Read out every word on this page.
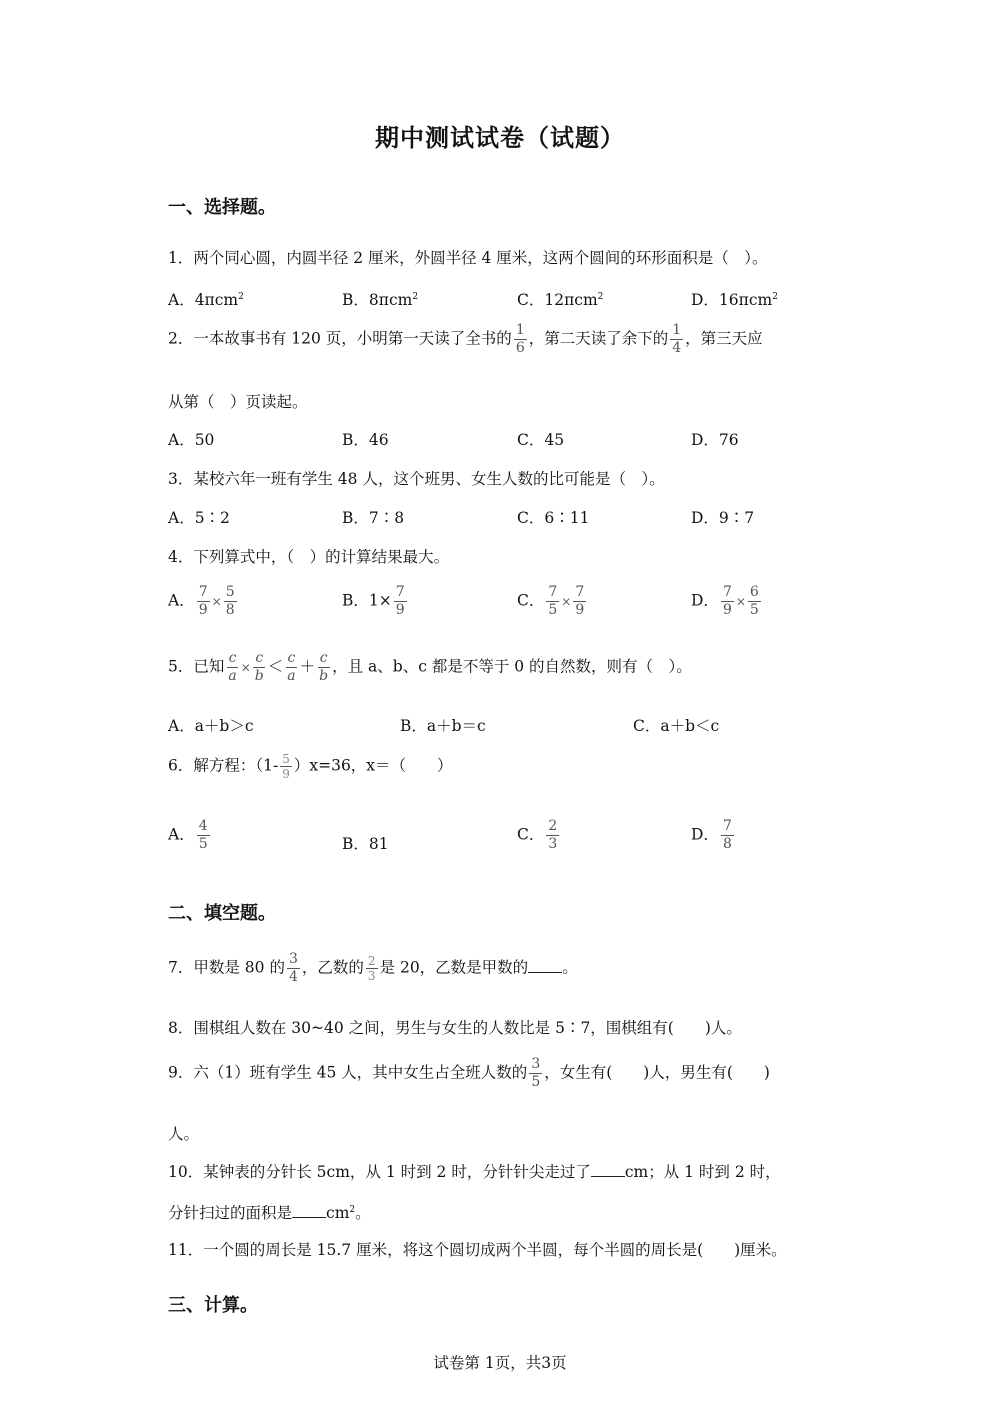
期中测试试卷（试题）
一、选择题。
1．两个同心圆，内圆半径 2 厘米，外圆半径 4 厘米，这两个圆间的环形面积是（　）。
A．4πcm$^2$	B．8πcm$^2$	C．12πcm$^2$	D．16πcm$^2$
2．一本故事书有 120 页，小明第一天读了全书的 $\frac{1}{6}$ ，第二天读了余下的 $\frac{1}{4}$ ，第三天应
从第（　）页读起。
A．50	B．46	C．45	D．76
3．某校六年一班有学生 48 人，这个班男、女生人数的比可能是（　）。
A．5∶2	B．7∶8	C．6∶11	D．9∶7
4．下列算式中，（　）的计算结果最大。
A． $\frac{7}{9} \times \frac{5}{8}$	B．$1\times \frac{7}{9}$	C． $\frac{7}{5} \times \frac{7}{9}$	D． $\frac{7}{9} \times \frac{6}{5}$
5．已知 $\frac{c}{a} \times \frac{c}{b} < \frac{c}{a} + \frac{c}{b}$ ，且 a、b、c 都是不等于 0 的自然数，则有（　）。
A．a＋b＞c	B．a＋b＝c	C．a＋b＜c
6．解方程：$(1- \frac{5}{9} )x=36$，x＝（　　）
A． $\frac{4}{5}$	B．81
C． $\frac{2}{3}$	D． $\frac{7}{8}$
二、填空题。
7．甲数是 80 的 $\frac{3}{4}$ ，乙数的 $\frac{2}{3}$ 是 20，乙数是甲数的 。
8．围棋组人数在 30~40 之间，男生与女生的人数比是 5∶7，围棋组有(　　)人。
9．六（1）班有学生 45 人，其中女生占全班人数的 $\frac{3}{5}$ ，女生有(　　)人，男生有(　　)
人。
10．某钟表的分针长 5cm，从 1 时到 2 时，分针针尖走过了 cm；从 1 时到 2 时，
分针扫过的面积是 $cm^2$。
11．一个圆的周长是 15.7 厘米，将这个圆切成两个半圆，每个半圆的周长是(　　)厘米。
三、计算。
试卷第 1页，共3页
